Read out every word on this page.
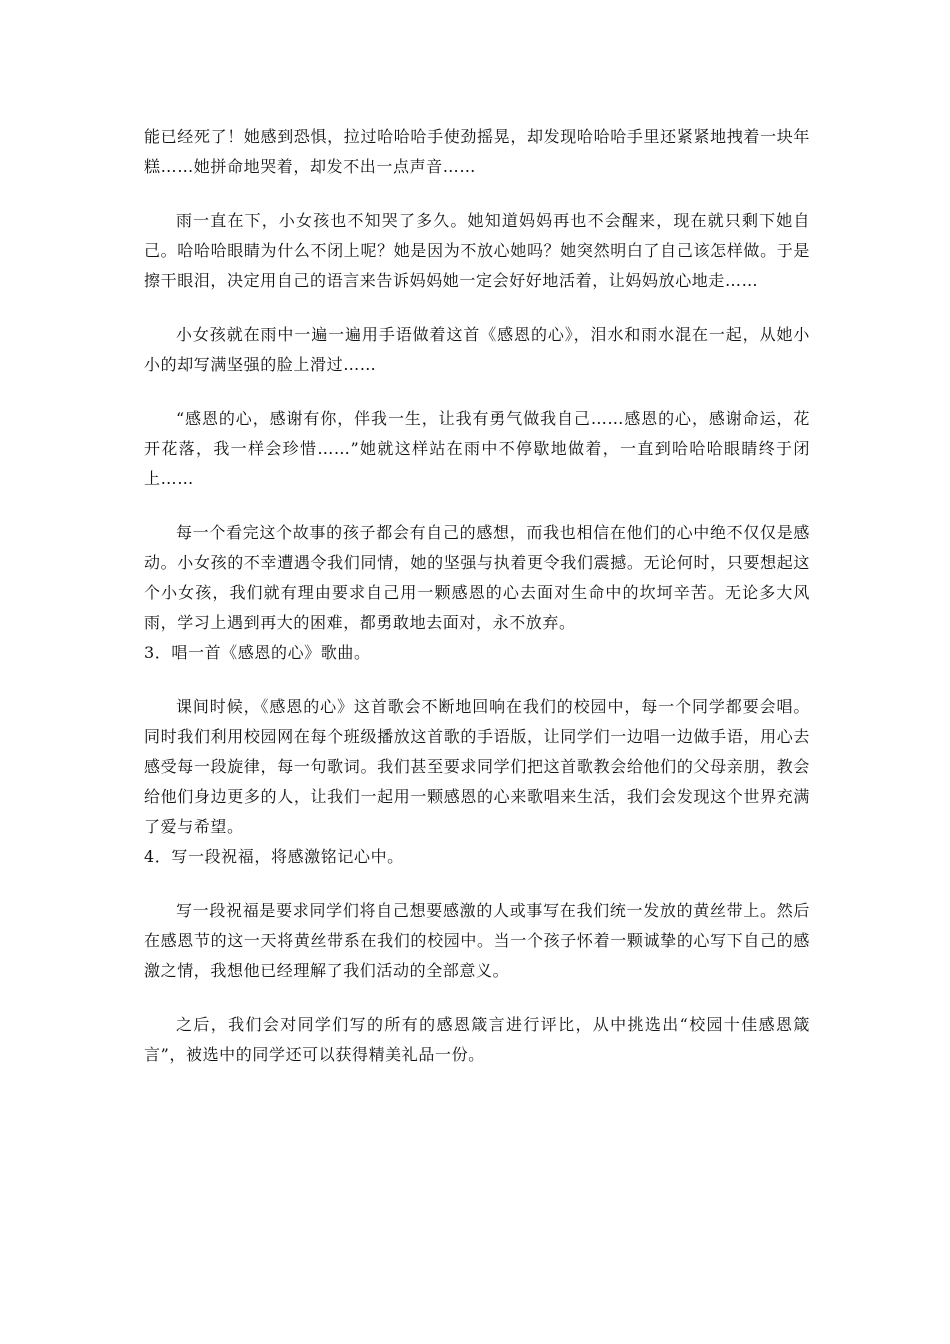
能已经死了！她感到恐惧，拉过哈哈哈手使劲摇晃，却发现哈哈哈手里还紧紧地拽着一块年糕……她拼命地哭着，却发不出一点声音……

雨一直在下，小女孩也不知哭了多久。她知道妈妈再也不会醒来，现在就只剩下她自己。哈哈哈眼睛为什么不闭上呢？她是因为不放心她吗？她突然明白了自己该怎样做。于是擦干眼泪，决定用自己的语言来告诉妈妈她一定会好好地活着，让妈妈放心地走……

小女孩就在雨中一遍一遍用手语做着这首《感恩的心》，泪水和雨水混在一起，从她小小的却写满坚强的脸上滑过……

“感恩的心，感谢有你，伴我一生，让我有勇气做我自己……感恩的心，感谢命运，花开花落，我一样会珍惜……”她就这样站在雨中不停歇地做着，一直到哈哈哈眼睛终于闭上……

每一个看完这个故事的孩子都会有自己的感想，而我也相信在他们的心中绝不仅仅是感动。小女孩的不幸遭遇令我们同情，她的坚强与执着更令我们震撼。无论何时，只要想起这个小女孩，我们就有理由要求自己用一颗感恩的心去面对生命中的坎坷辛苦。无论多大风雨，学习上遇到再大的困难，都勇敢地去面对，永不放弃。

3．唱一首《感恩的心》歌曲。

课间时候，《感恩的心》这首歌会不断地回响在我们的校园中，每一个同学都要会唱。同时我们利用校园网在每个班级播放这首歌的手语版，让同学们一边唱一边做手语，用心去感受每一段旋律，每一句歌词。我们甚至要求同学们把这首歌教会给他们的父母亲朋，教会给他们身边更多的人，让我们一起用一颗感恩的心来歌唱来生活，我们会发现这个世界充满了爱与希望。

4．写一段祝福，将感激铭记心中。

写一段祝福是要求同学们将自己想要感激的人或事写在我们统一发放的黄丝带上。然后在感恩节的这一天将黄丝带系在我们的校园中。当一个孩子怀着一颗诚挚的心写下自己的感激之情，我想他已经理解了我们活动的全部意义。

之后，我们会对同学们写的所有的感恩箴言进行评比，从中挑选出“校园十佳感恩箴言”，被选中的同学还可以获得精美礼品一份。
